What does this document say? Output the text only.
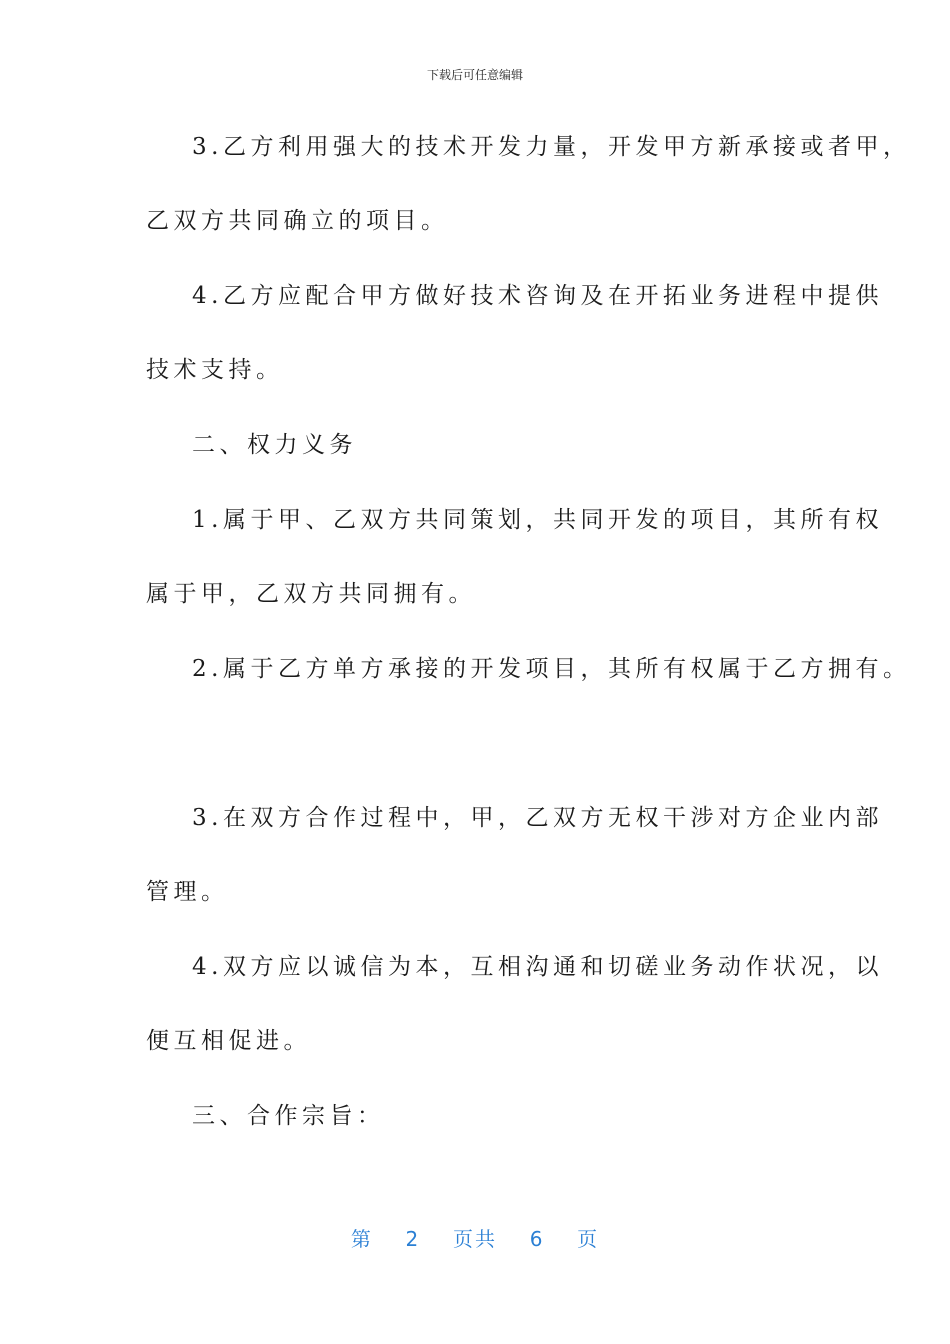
下载后可任意编辑
3.乙方利用强大的技术开发力量，开发甲方新承接或者甲，
乙双方共同确立的项目。
4.乙方应配合甲方做好技术咨询及在开拓业务进程中提供
技术支持。
二、权力义务
1.属于甲、乙双方共同策划，共同开发的项目，其所有权
属于甲，乙双方共同拥有。
2.属于乙方单方承接的开发项目，其所有权属于乙方拥有。
3.在双方合作过程中，甲，乙双方无权干涉对方企业内部
管理。
4.双方应以诚信为本，互相沟通和切磋业务动作状况，以
便互相促进。
三、合作宗旨：
第 2 页共 6 页
